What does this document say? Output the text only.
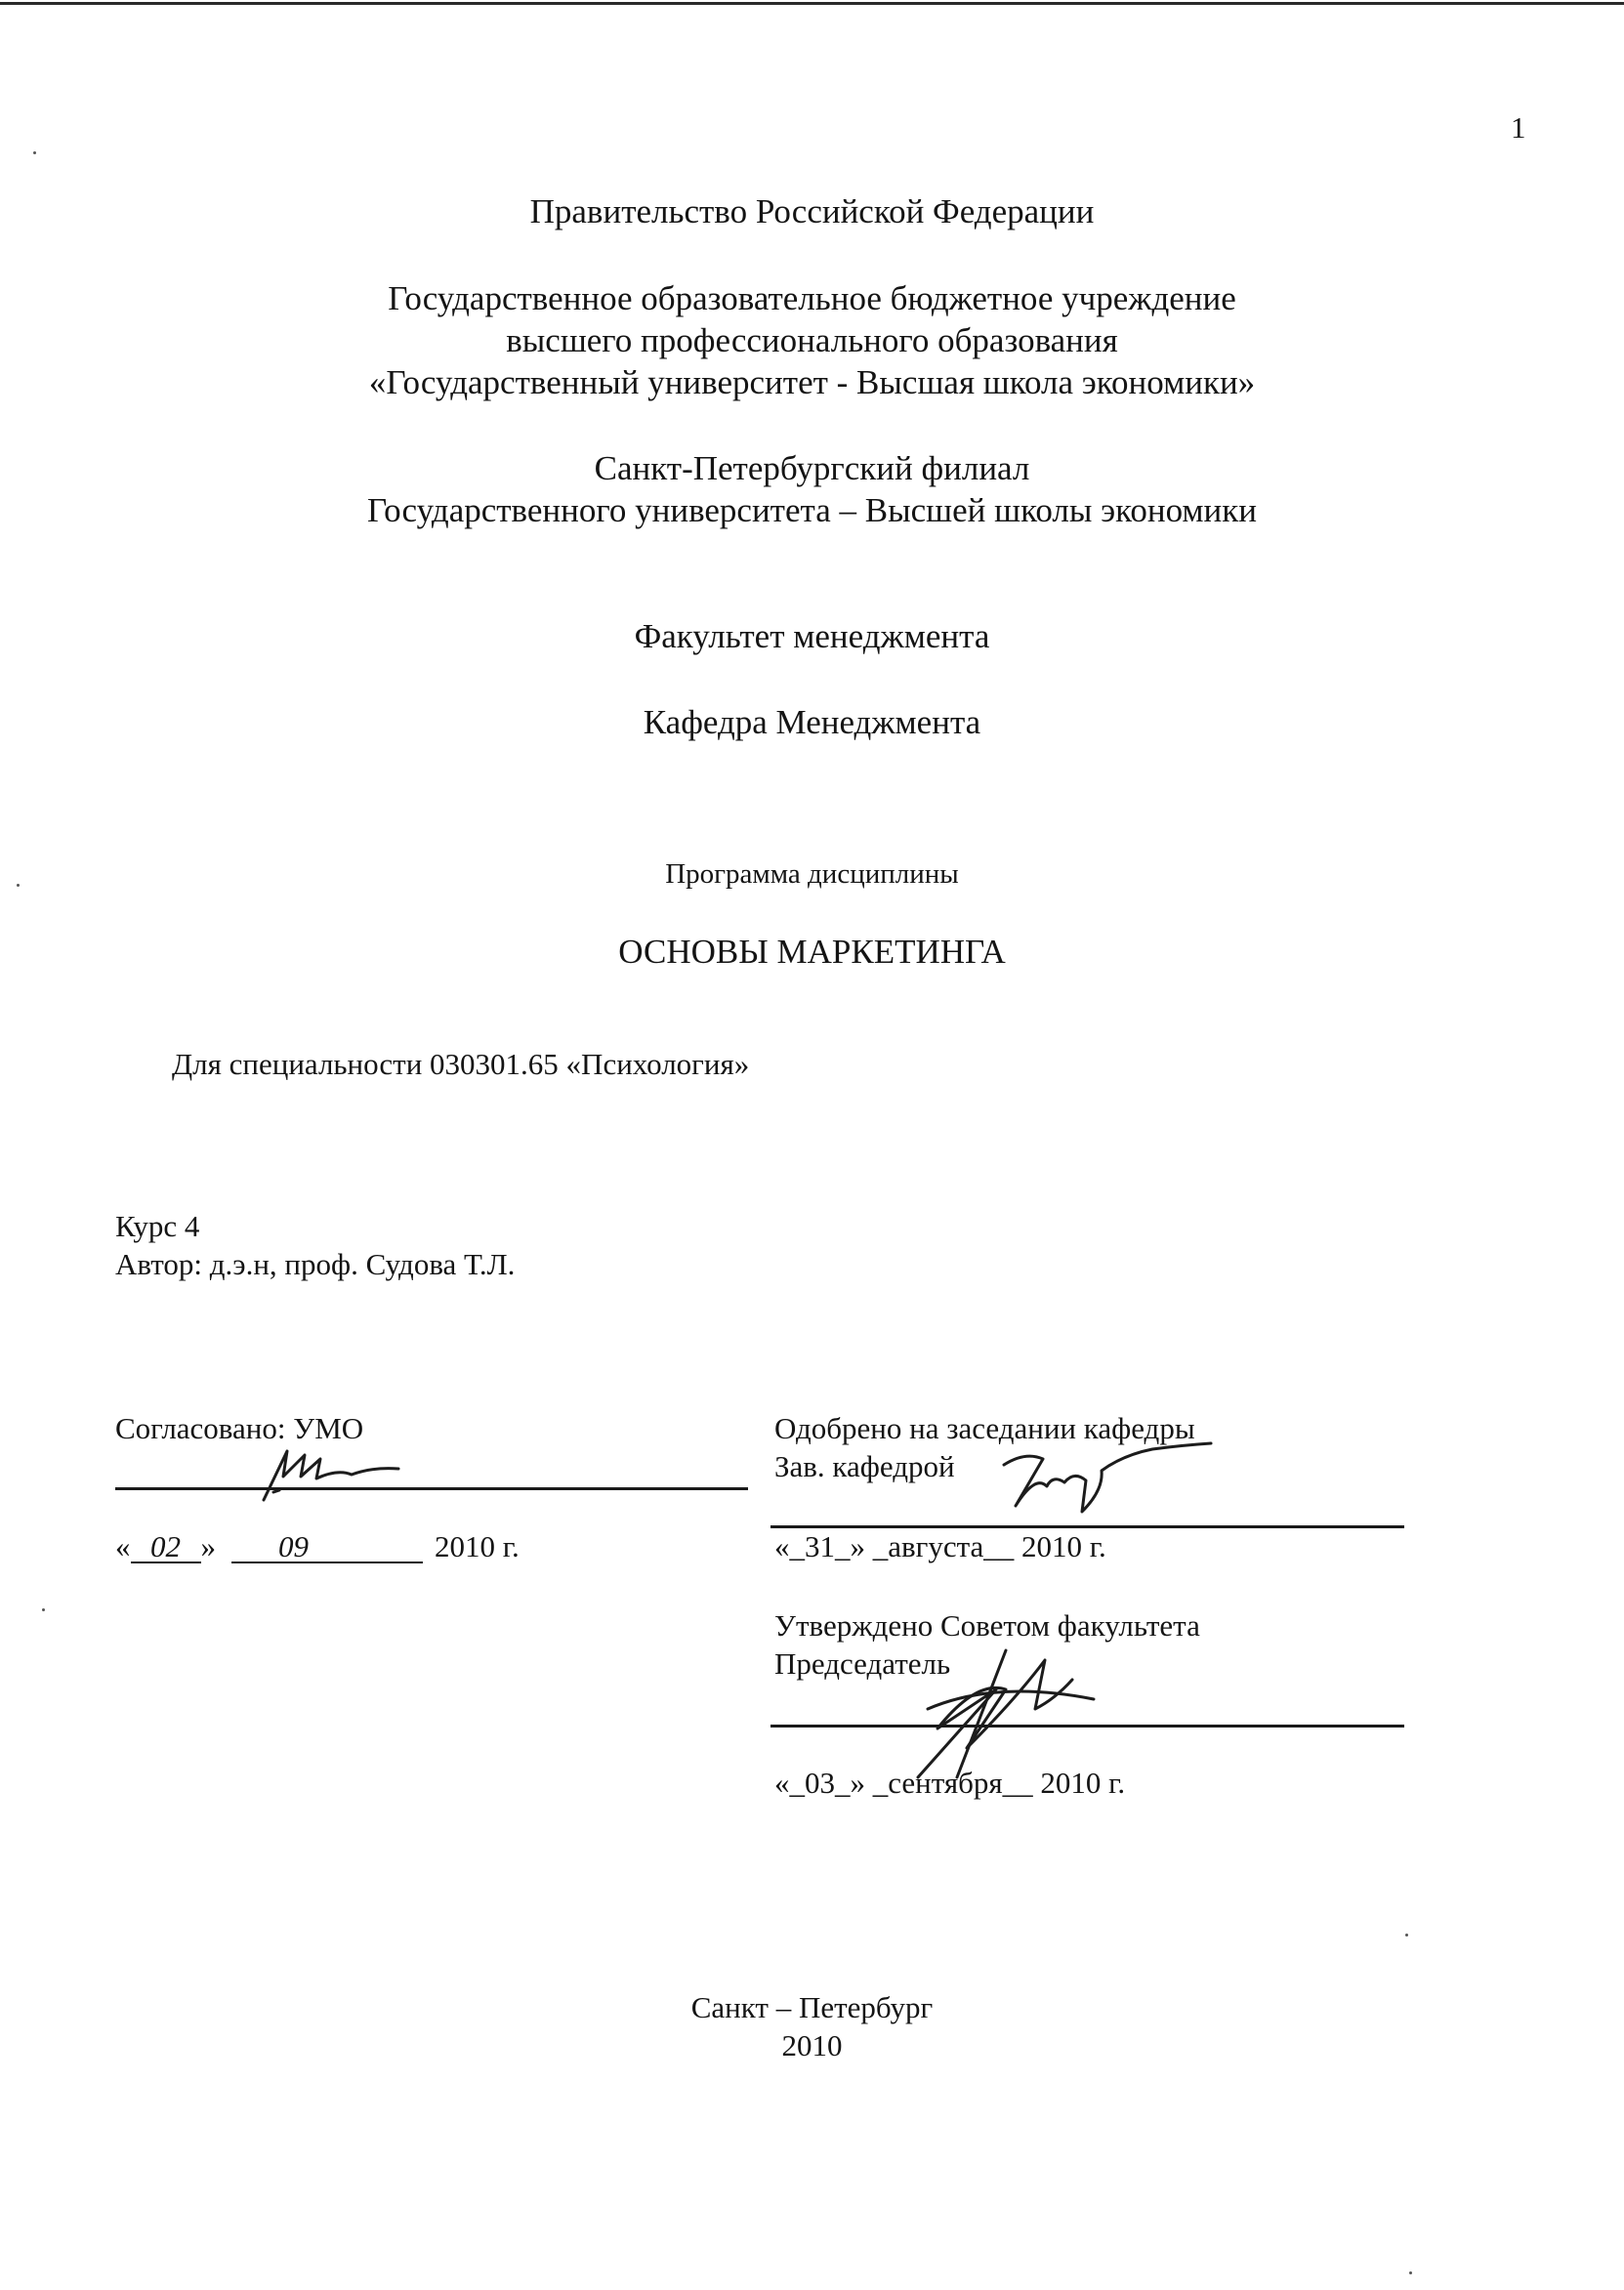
1
Правительство Российской Федерации
Государственное образовательное бюджетное учреждение
высшего профессионального образования
«Государственный университет - Высшая школа экономики»
Санкт-Петербургский филиал
Государственного университета – Высшей школы экономики
Факультет менеджмента
Кафедра Менеджмента
Программа дисциплины
ОСНОВЫ МАРКЕТИНГА
Для специальности 030301.65 «Психология»
Курс 4
Автор: д.э.н, проф. Судова Т.Л.
Согласовано: УМО
« 02 » 09	2010 г.
Одобрено на заседании кафедры
Зав. кафедрой
«_31_» _августа__ 2010 г.
Утверждено Советом факультета
Председатель
«_03_» _сентября__ 2010 г.
Санкт – Петербург
2010
